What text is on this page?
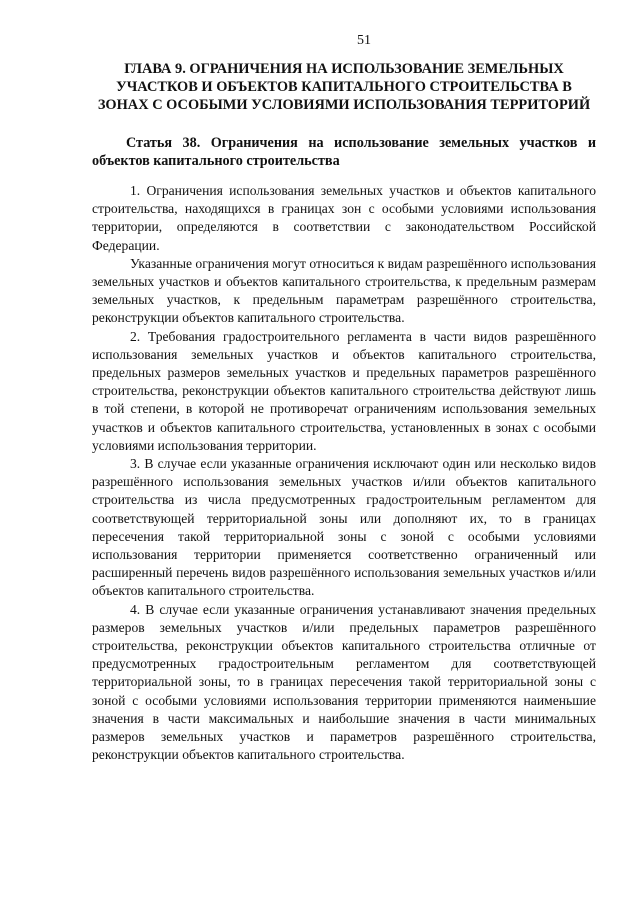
51
ГЛАВА 9. ОГРАНИЧЕНИЯ НА ИСПОЛЬЗОВАНИЕ ЗЕМЕЛЬНЫХ УЧАСТКОВ И ОБЪЕКТОВ КАПИТАЛЬНОГО СТРОИТЕЛЬСТВА В ЗОНАХ С ОСОБЫМИ УСЛОВИЯМИ ИСПОЛЬЗОВАНИЯ ТЕРРИТОРИЙ
Статья 38. Ограничения на использование земельных участков и объектов капитального строительства

1. Ограничения использования земельных участков и объектов капитального строительства, находящихся в границах зон с особыми условиями использования территории, определяются в соответствии с законодательством Российской Федерации.

Указанные ограничения могут относиться к видам разрешённого использования земельных участков и объектов капитального строительства, к предельным размерам земельных участков, к предельным параметрам разрешённого строительства, реконструкции объектов капитального строительства.

2. Требования градостроительного регламента в части видов разрешённого использования земельных участков и объектов капитального строительства, предельных размеров земельных участков и предельных параметров разрешённого строительства, реконструкции объектов капитального строительства действуют лишь в той степени, в которой не противоречат ограничениям использования земельных участков и объектов капитального строительства, установленных в зонах с особыми условиями использования территории.

3. В случае если указанные ограничения исключают один или несколько видов разрешённого использования земельных участков и/или объектов капитального строительства из числа предусмотренных градостроительным регламентом для соответствующей территориальной зоны или дополняют их, то в границах пересечения такой территориальной зоны с зоной с особыми условиями использования территории применяется соответственно ограниченный или расширенный перечень видов разрешённого использования земельных участков и/или объектов капитального строительства.

4. В случае если указанные ограничения устанавливают значения предельных размеров земельных участков и/или предельных параметров разрешённого строительства, реконструкции объектов капитального строительства отличные от предусмотренных градостроительным регламентом для соответствующей территориальной зоны, то в границах пересечения такой территориальной зоны с зоной с особыми условиями использования территории применяются наименьшие значения в части максимальных и наибольшие значения в части минимальных размеров земельных участков и параметров разрешённого строительства, реконструкции объектов капитального строительства.
